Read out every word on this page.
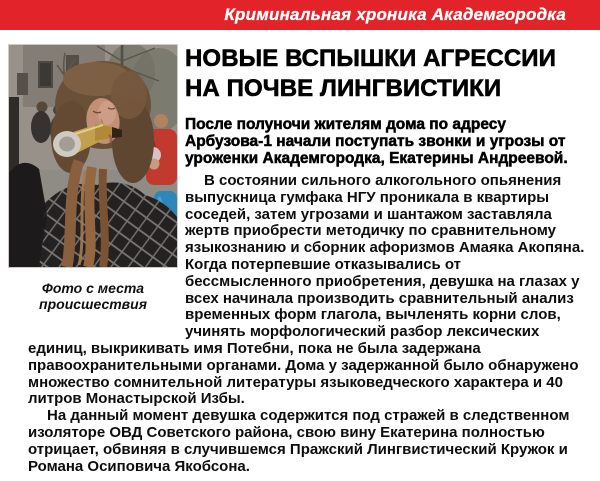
Криминальная хроника Академгородка
Фото с места происшествия
НОВЫЕ ВСПЫШКИ АГРЕССИИ НА ПОЧВЕ ЛИНГВИСТИКИ

После полуночи жителям дома по адресу Арбузова-1 начали поступать звонки и угрозы от уроженки Академгородка, Екатерины Андреевой.

В состоянии сильного алкогольного опьянения выпускница гумфака НГУ проникала в квартиры соседей, затем угрозами и шантажом заставляла жертв приобрести методичку по сравнительному языкознанию и сборник афоризмов Амаяка Акопяна. Когда потерпевшие отказывались от бессмысленного приобретения, девушка на глазах у всех начинала производить сравнительный анализ временных форм глагола, вычленять корни слов, учинять морфологический разбор лексических единиц, выкрикивать имя Потебни, пока не была задержана правоохранительными органами. Дома у задержанной было обнаружено множество сомнительной литературы языковедческого характера и 40 литров Монастырской Избы.

На данный момент девушка содержится под стражей в следственном изоляторе ОВД Советского района, свою вину Екатерина полностью отрицает, обвиняя в случившемся Пражский Лингвистический Кружок и Романа Осиповича Якобсона.
